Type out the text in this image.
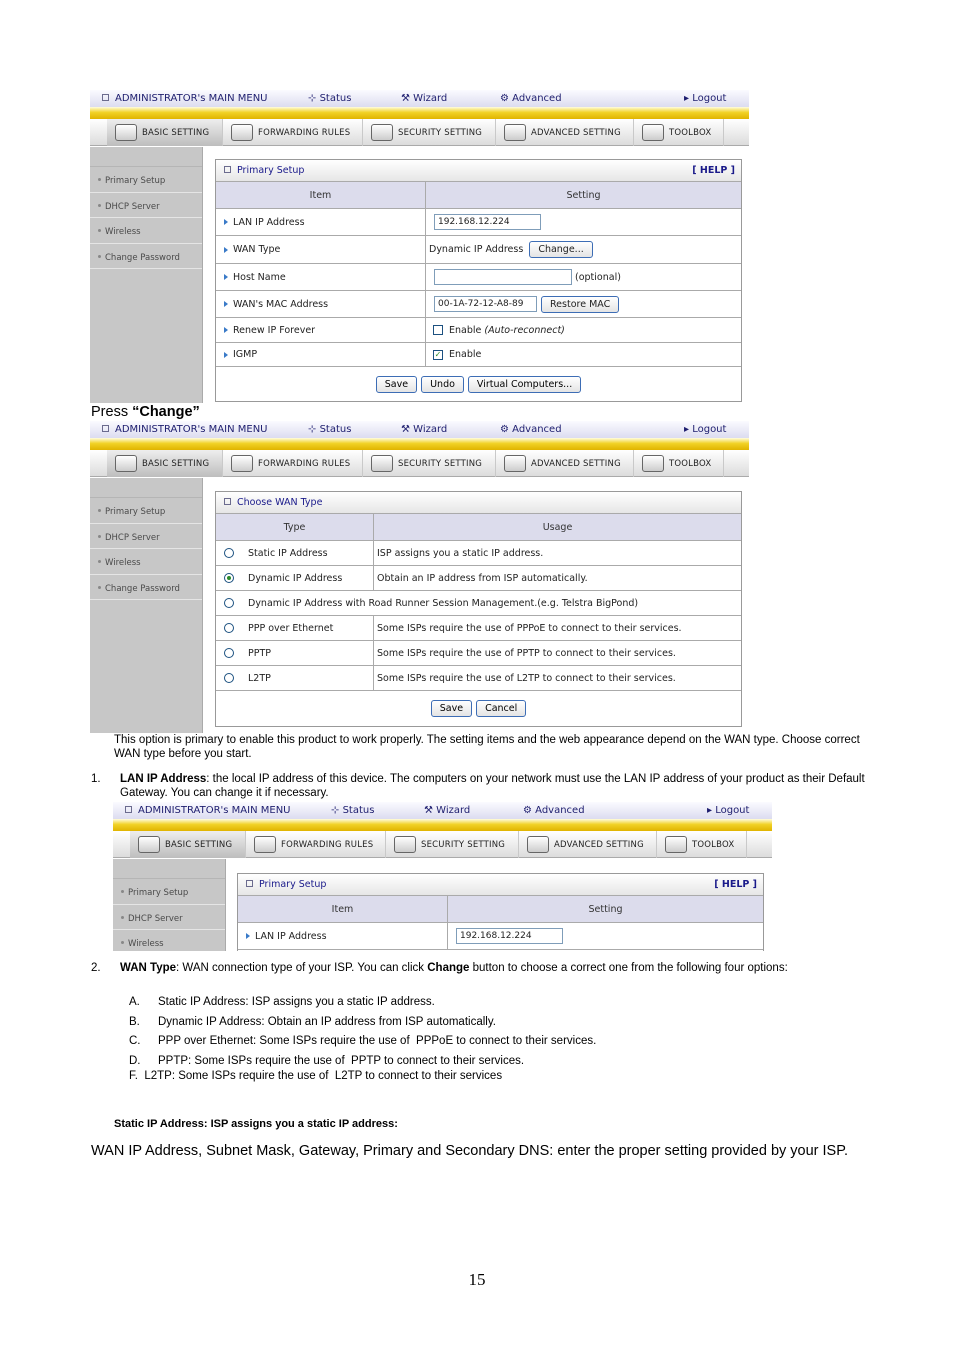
ADMINISTRATOR's MAIN MENU	⊹ Status	⚒ Wizard	⚙ Advanced	▸ Logout
BASIC SETTING	FORWARDING RULES	SECURITY SETTING	ADVANCED SETTING	TOOLBOX
Primary Setup
DHCP Server
Wireless
Change Password
Primary Setup	[ HELP ]
Item	Setting
LAN IP Address	192.168.12.224
WAN Type	Dynamic IP Address	Change...
Host Name	(optional)
WAN's MAC Address	00-1A-72-12-A8-89	Restore MAC
Renew IP Forever	Enable (Auto-reconnect)
IGMP	✓ Enable
Save	Undo	Virtual Computers...
Press “Change”
ADMINISTRATOR's MAIN MENU	⊹ Status	⚒ Wizard	⚙ Advanced	▸ Logout
BASIC SETTING	FORWARDING RULES	SECURITY SETTING	ADVANCED SETTING	TOOLBOX
Primary Setup
DHCP Server
Wireless
Change Password
Choose WAN Type
Type	Usage
Static IP Address	ISP assigns you a static IP address.
Dynamic IP Address	Obtain an IP address from ISP automatically.
Dynamic IP Address with Road Runner Session Management.(e.g. Telstra BigPond)
PPP over Ethernet	Some ISPs require the use of PPPoE to connect to their services.
PPTP	Some ISPs require the use of PPTP to connect to their services.
L2TP	Some ISPs require the use of L2TP to connect to their services.
Save	Cancel
This option is primary to enable this product to work properly. The setting items and the web appearance depend on the WAN type. Choose correct WAN type before you start.
1. LAN IP Address: the local IP address of this device. The computers on your network must use the LAN IP address of your product as their Default Gateway. You can change it if necessary.
ADMINISTRATOR's MAIN MENU	⊹ Status	⚒ Wizard	⚙ Advanced	▸ Logout
BASIC SETTING	FORWARDING RULES	SECURITY SETTING	ADVANCED SETTING	TOOLBOX
Primary Setup
DHCP Server
Wireless
Primary Setup	[ HELP ]
Item	Setting
LAN IP Address	192.168.12.224
2. WAN Type: WAN connection type of your ISP. You can click Change button to choose a correct one from the following four options:
A. Static IP Address: ISP assigns you a static IP address.
B. Dynamic IP Address: Obtain an IP address from ISP automatically.
C. PPP over Ethernet: Some ISPs require the use of  PPPoE to connect to their services.
D. PPTP: Some ISPs require the use of  PPTP to connect to their services.
F.  L2TP: Some ISPs require the use of  L2TP to connect to their services
Static IP Address: ISP assigns you a static IP address:
WAN IP Address, Subnet Mask, Gateway, Primary and Secondary DNS: enter the proper setting provided by your ISP.
15
